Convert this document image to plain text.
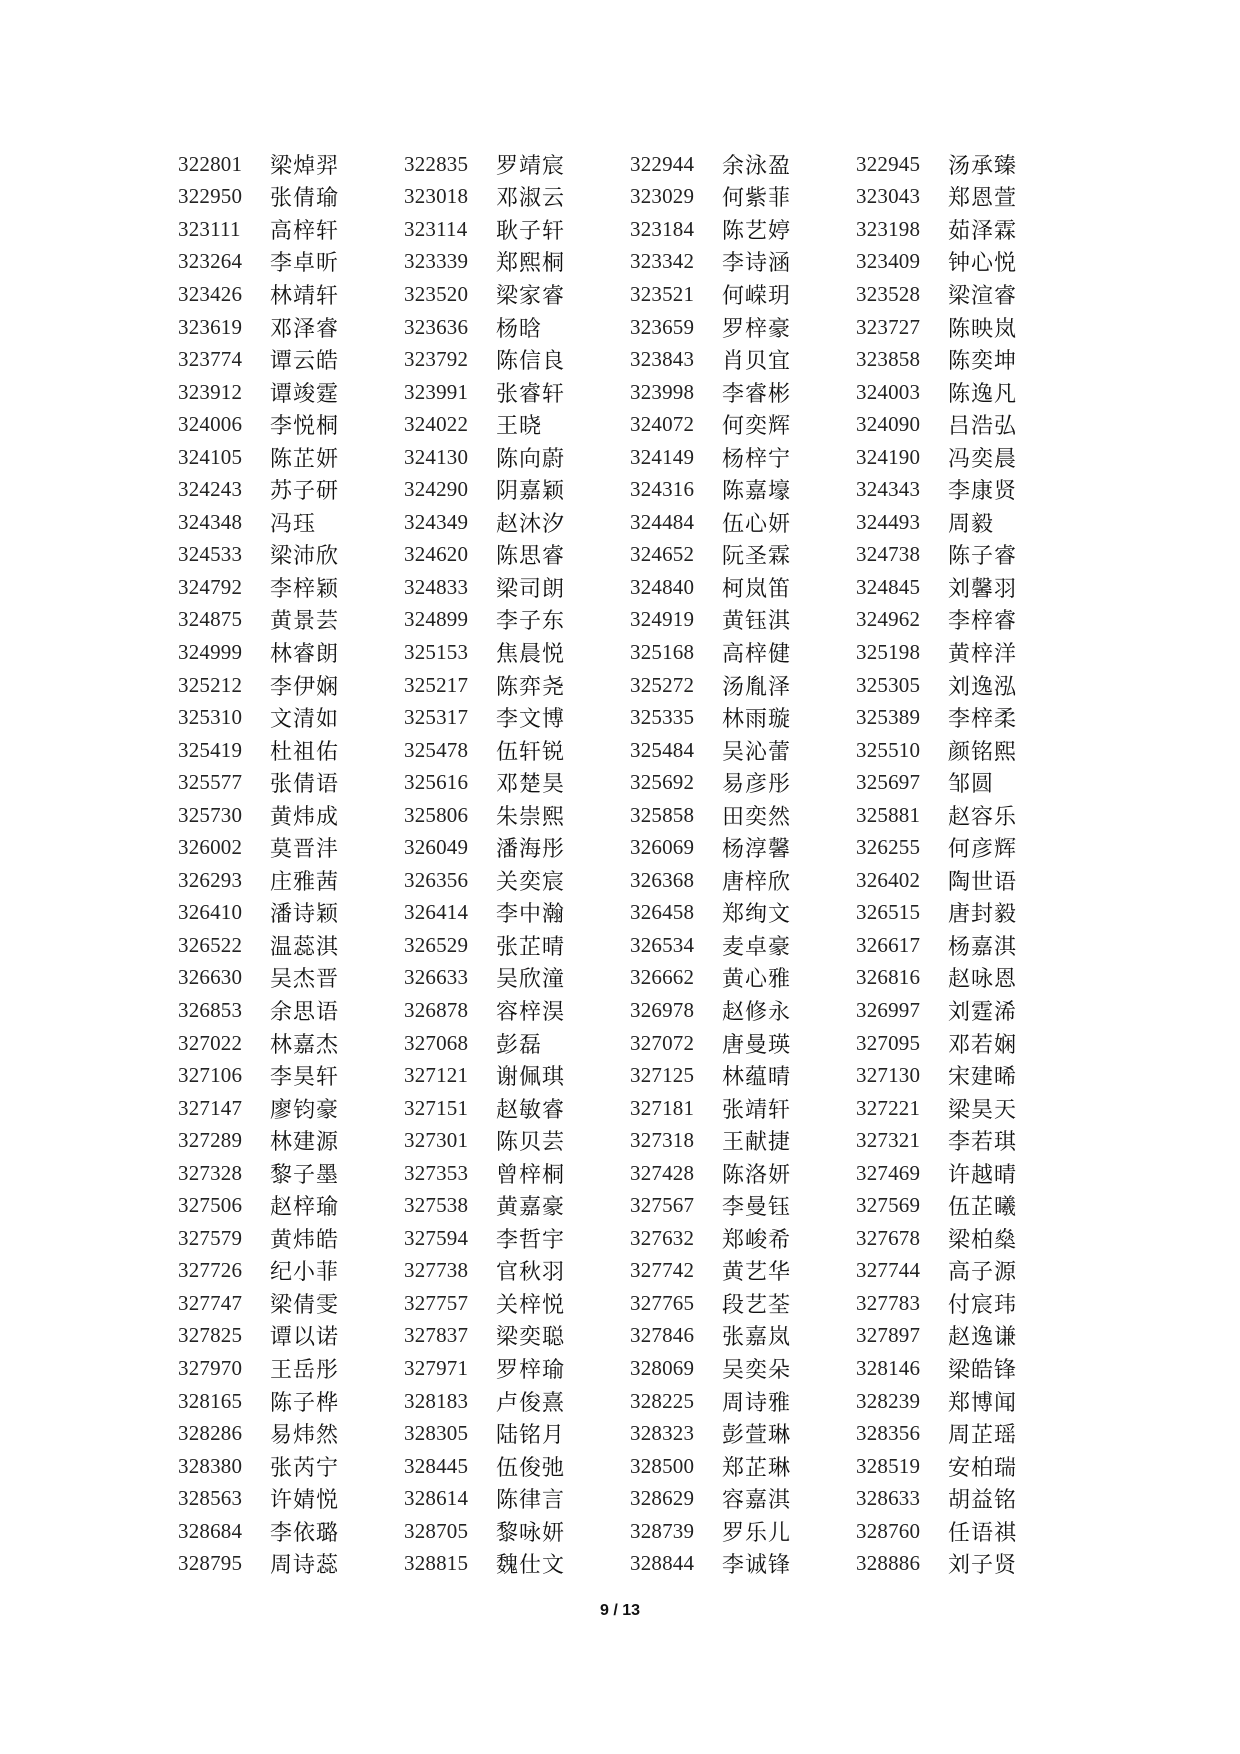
322801	梁焯羿	322835	罗靖宸	322944	余泳盈	322945	汤承臻
322950	张倩瑜	323018	邓淑云	323029	何紫菲	323043	郑恩萱
323111	高梓轩	323114	耿子轩	323184	陈艺婷	323198	茹泽霖
323264	李卓昕	323339	郑熙桐	323342	李诗涵	323409	钟心悦
323426	林靖轩	323520	梁家睿	323521	何嵘玥	323528	梁渲睿
323619	邓泽睿	323636	杨晗	323659	罗梓豪	323727	陈映岚
323774	谭云皓	323792	陈信良	323843	肖贝宜	323858	陈奕坤
323912	谭竣霆	323991	张睿轩	323998	李睿彬	324003	陈逸凡
324006	李悦桐	324022	王晓	324072	何奕辉	324090	吕浩弘
324105	陈芷妍	324130	陈向蔚	324149	杨梓宁	324190	冯奕晨
324243	苏子研	324290	阴嘉颖	324316	陈嘉壕	324343	李康贤
324348	冯珏	324349	赵沐汐	324484	伍心妍	324493	周毅
324533	梁沛欣	324620	陈思睿	324652	阮圣霖	324738	陈子睿
324792	李梓颖	324833	梁司朗	324840	柯岚笛	324845	刘馨羽
324875	黄景芸	324899	李子东	324919	黄钰淇	324962	李梓睿
324999	林睿朗	325153	焦晨悦	325168	高梓健	325198	黄梓洋
325212	李伊娴	325217	陈弈尧	325272	汤胤泽	325305	刘逸泓
325310	文清如	325317	李文博	325335	林雨璇	325389	李梓柔
325419	杜祖佑	325478	伍轩锐	325484	吴沁蕾	325510	颜铭熙
325577	张倩语	325616	邓楚昊	325692	易彦彤	325697	邹圆
325730	黄炜成	325806	朱崇熙	325858	田奕然	325881	赵容乐
326002	莫晋沣	326049	潘海彤	326069	杨淳馨	326255	何彦辉
326293	庄雅茜	326356	关奕宸	326368	唐梓欣	326402	陶世语
326410	潘诗颖	326414	李中瀚	326458	郑绚文	326515	唐封毅
326522	温蕊淇	326529	张芷晴	326534	麦卓豪	326617	杨嘉淇
326630	吴杰晋	326633	吴欣潼	326662	黄心雅	326816	赵咏恩
326853	余思语	326878	容梓淏	326978	赵修永	326997	刘霆浠
327022	林嘉杰	327068	彭磊	327072	唐曼瑛	327095	邓若娴
327106	李昊轩	327121	谢佩琪	327125	林蕴晴	327130	宋建晞
327147	廖钧豪	327151	赵敏睿	327181	张靖轩	327221	梁昊天
327289	林建源	327301	陈贝芸	327318	王献捷	327321	李若琪
327328	黎子墨	327353	曾梓桐	327428	陈洛妍	327469	许越晴
327506	赵梓瑜	327538	黄嘉豪	327567	李曼钰	327569	伍芷曦
327579	黄炜皓	327594	李哲宇	327632	郑峻希	327678	梁柏燊
327726	纪小菲	327738	官秋羽	327742	黄艺华	327744	高子源
327747	梁倩雯	327757	关梓悦	327765	段艺荃	327783	付宸玮
327825	谭以诺	327837	梁奕聪	327846	张嘉岚	327897	赵逸谦
327970	王岳彤	327971	罗梓瑜	328069	吴奕朵	328146	梁皓锋
328165	陈子桦	328183	卢俊熹	328225	周诗雅	328239	郑博闻
328286	易炜然	328305	陆铭月	328323	彭萱琳	328356	周芷瑶
328380	张芮宁	328445	伍俊弛	328500	郑芷琳	328519	安柏瑞
328563	许婧悦	328614	陈律言	328629	容嘉淇	328633	胡益铭
328684	李依璐	328705	黎咏妍	328739	罗乐儿	328760	任语祺
328795	周诗蕊	328815	魏仕文	328844	李诚锋	328886	刘子贤
9 / 13
